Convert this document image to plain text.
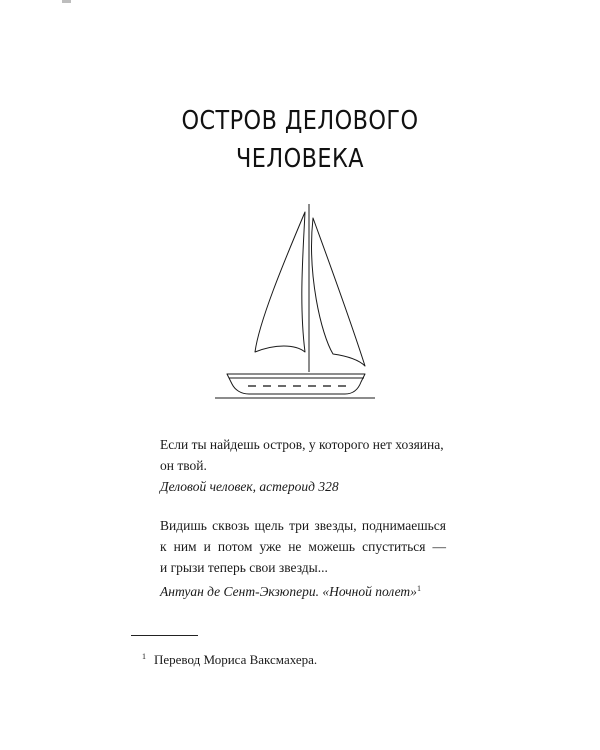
ОСТРОВ ДЕЛОВОГО
ЧЕЛОВЕКА

Если ты найдешь остров, у которого нет хозяина,

он твой.

Деловой человек, астероид 328

Видишь сквозь щель три звезды, поднимаешься

к ним и потом уже не можешь спуститься —

и грызи теперь свои звезды...

Антуан де Сент-Экзюпери. «Ночной полет»$^1$

$^1$ Перевод Мориса Ваксмахера.
